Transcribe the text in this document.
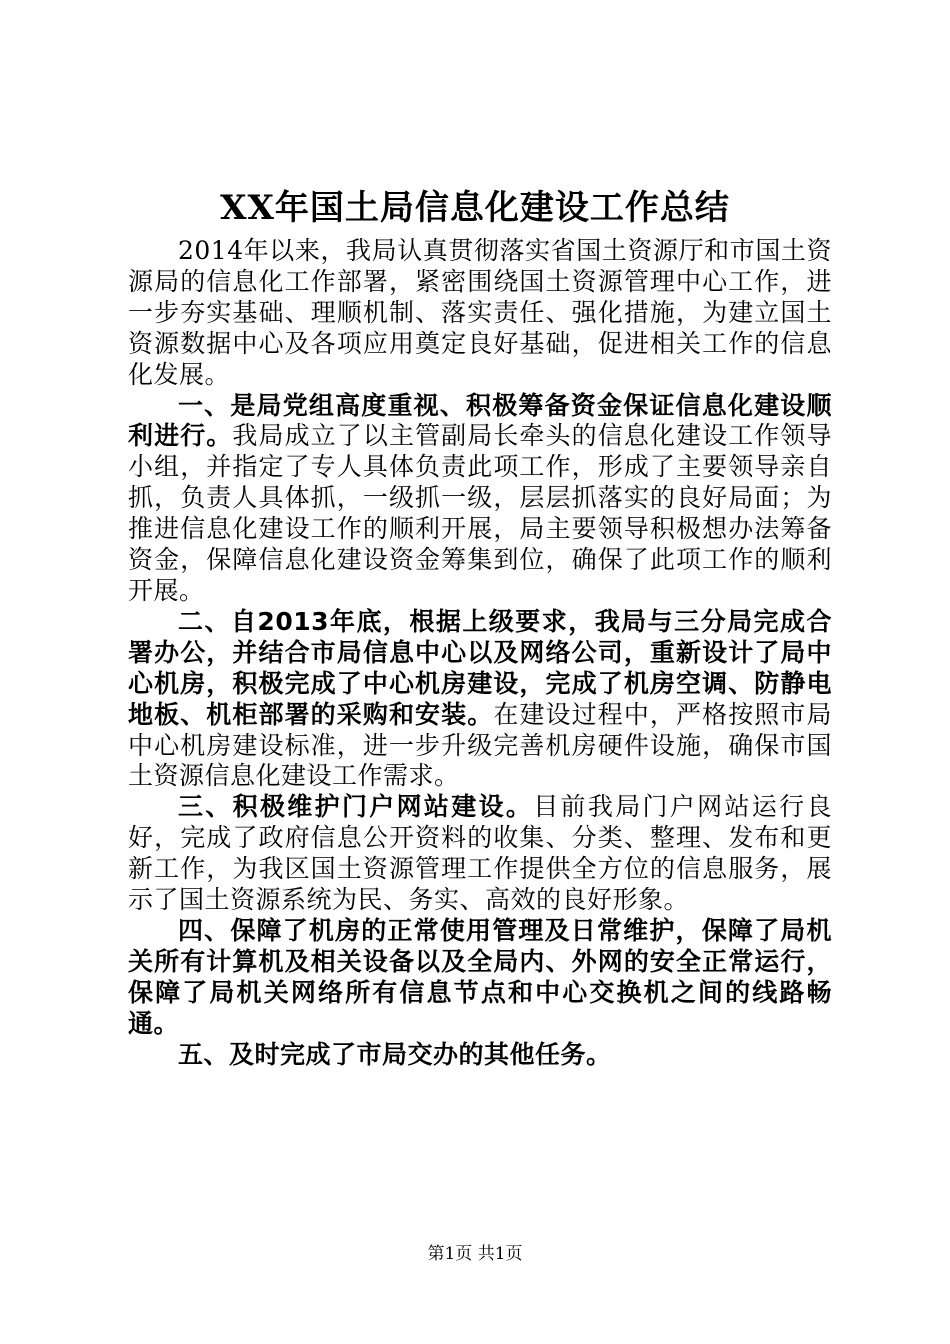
XX年国土局信息化建设工作总结

2014年以来，我局认真贯彻落实省国土资源厅和市国土资源局的信息化工作部署，紧密围绕国土资源管理中心工作，进一步夯实基础、理顺机制、落实责任、强化措施，为建立国土资源数据中心及各项应用奠定良好基础，促进相关工作的信息化发展。

一、是局党组高度重视、积极筹备资金保证信息化建设顺利进行。我局成立了以主管副局长牵头的信息化建设工作领导小组，并指定了专人具体负责此项工作，形成了主要领导亲自抓，负责人具体抓，一级抓一级，层层抓落实的良好局面；为推进信息化建设工作的顺利开展，局主要领导积极想办法筹备资金，保障信息化建设资金筹集到位，确保了此项工作的顺利开展。

二、自2013年底，根据上级要求，我局与三分局完成合署办公，并结合市局信息中心以及网络公司，重新设计了局中心机房，积极完成了中心机房建设，完成了机房空调、防静电地板、机柜部署的采购和安装。在建设过程中，严格按照市局中心机房建设标准，进一步升级完善机房硬件设施，确保市国土资源信息化建设工作需求。

三、积极维护门户网站建设。目前我局门户网站运行良好，完成了政府信息公开资料的收集、分类、整理、发布和更新工作，为我区国土资源管理工作提供全方位的信息服务，展示了国土资源系统为民、务实、高效的良好形象。

四、保障了机房的正常使用管理及日常维护，保障了局机关所有计算机及相关设备以及全局内、外网的安全正常运行，保障了局机关网络所有信息节点和中心交换机之间的线路畅通。

五、及时完成了市局交办的其他任务。

第1页 共1页
